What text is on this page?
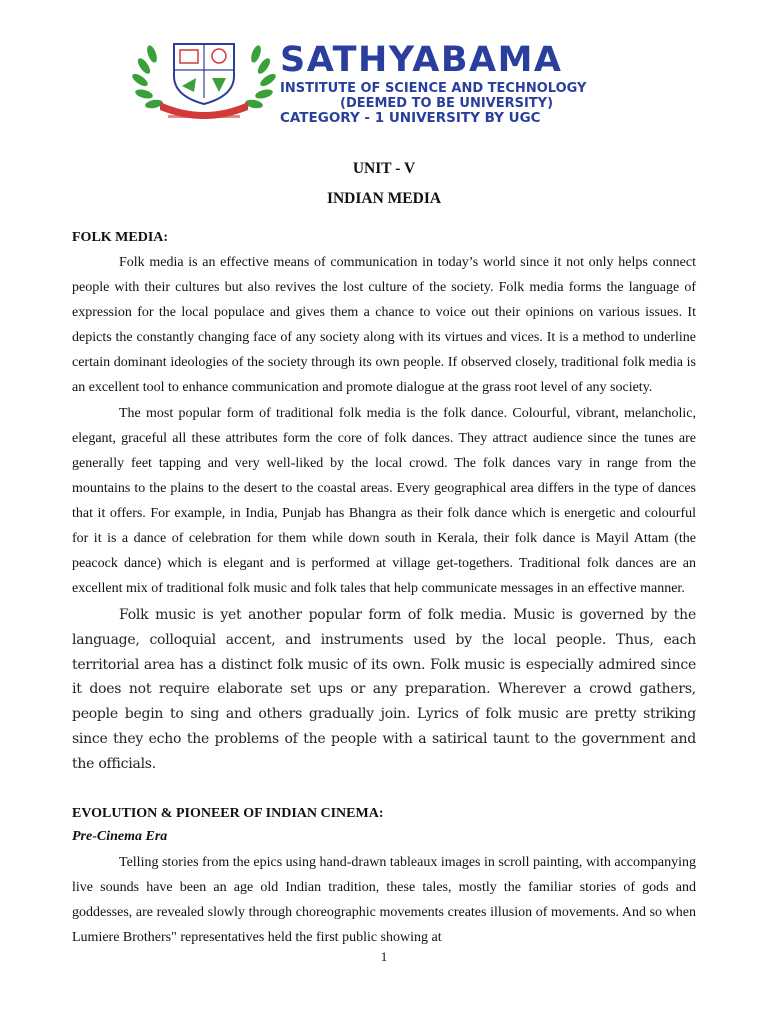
SATHYABAMA
INSTITUTE OF SCIENCE AND TECHNOLOGY
(DEEMED TO BE UNIVERSITY)
CATEGORY - 1 UNIVERSITY BY UGC
UNIT - V
INDIAN MEDIA
FOLK MEDIA:

Folk media is an effective means of communication in today’s world since it not only helps connect people with their cultures but also revives the lost culture of the society. Folk media forms the language of expression for the local populace and gives them a chance to voice out their opinions on various issues. It depicts the constantly changing face of any society along with its virtues and vices. It is a method to underline certain dominant ideologies of the society through its own people. If observed closely, traditional folk media is an excellent tool to enhance communication and promote dialogue at the grass root level of any society.

The most popular form of traditional folk media is the folk dance. Colourful, vibrant, melancholic, elegant, graceful all these attributes form the core of folk dances. They attract audience since the tunes are generally feet tapping and very well-liked by the local crowd. The folk dances vary in range from the mountains to the plains to the desert to the coastal areas. Every geographical area differs in the type of dances that it offers. For example, in India, Punjab has Bhangra as their folk dance which is energetic and colourful for it is a dance of celebration for them while down south in Kerala, their folk dance is Mayil Attam (the peacock dance) which is elegant and is performed at village get-togethers. Traditional folk dances are an excellent mix of traditional folk music and folk tales that help communicate messages in an effective manner.

Folk music is yet another popular form of folk media. Music is governed by the language, colloquial accent, and instruments used by the local people. Thus, each territorial area has a distinct folk music of its own. Folk music is especially admired since it does not require elaborate set ups or any preparation. Wherever a crowd gathers, people begin to sing and others gradually join. Lyrics of folk music are pretty striking since they echo the problems of the people with a satirical taunt to the government and the officials.

EVOLUTION & PIONEER OF INDIAN CINEMA:
Pre-Cinema Era

Telling stories from the epics using hand-drawn tableaux images in scroll painting, with accompanying live sounds have been an age old Indian tradition, these tales, mostly the familiar stories of gods and goddesses, are revealed slowly through choreographic movements creates illusion of movements. And so when Lumiere Brothers" representatives held the first public showing at

1
